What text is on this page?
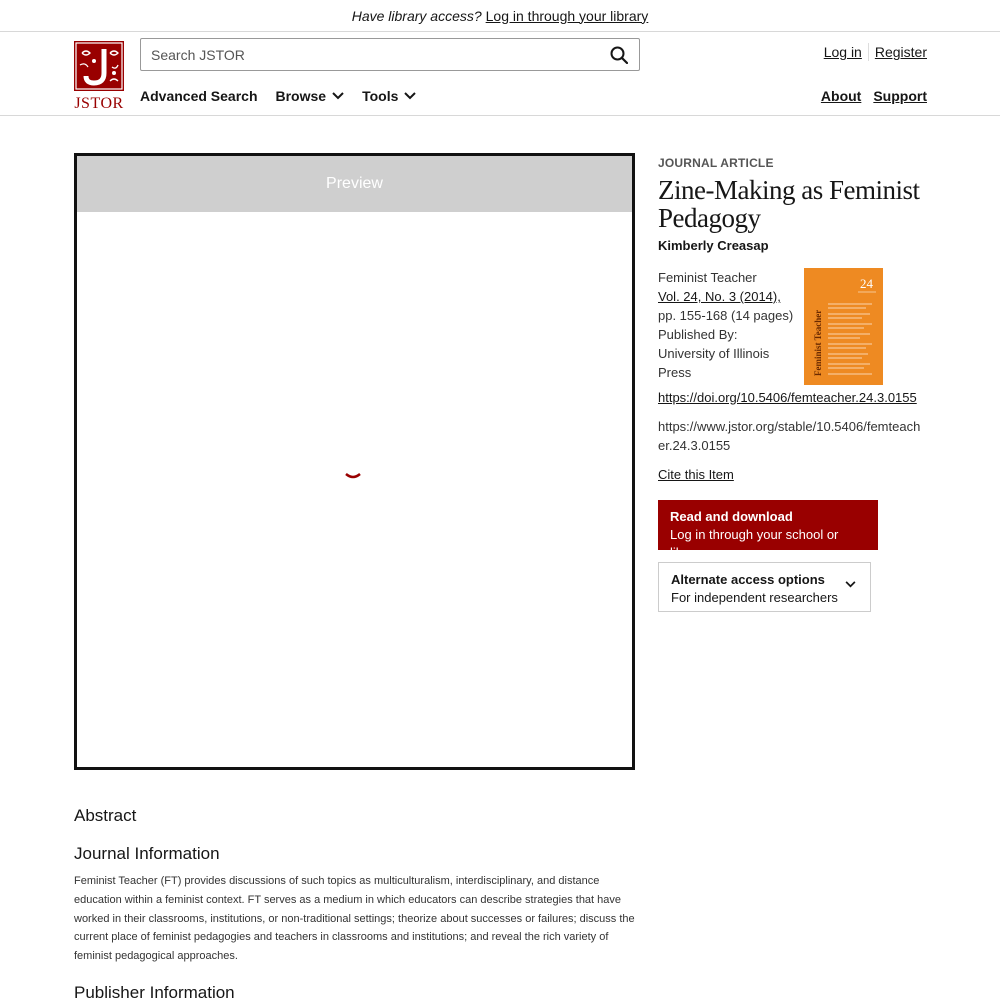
Have library access? Log in through your library
JSTOR
Search JSTOR
Log in Register
Advanced Search Browse	Tools	About Support
Preview
JOURNAL ARTICLE
Zine-Making as Feminist Pedagogy
Kimberly Creasap
Feminist Teacher
Vol. 24, No. 3 (2014),
pp. 155-168 (14 pages)
Published By:
University of Illinois Press
24
Feminist Teacher
https://doi.org/10.5406/femteacher.24.3.0155
https://www.jstor.org/stable/10.5406/femteacher.24.3.0155
Cite this Item
Read and download
Log in through your school or library
Alternate access options
For independent researchers
Abstract
Journal Information
Feminist Teacher (FT) provides discussions of such topics as multiculturalism, interdisciplinary, and distance education within a feminist context. FT serves as a medium in which educators can describe strategies that have worked in their classrooms, institutions, or non-traditional settings; theorize about successes or failures; discuss the current place of feminist pedagogies and teachers in classrooms and institutions; and reveal the rich variety of feminist pedagogical approaches.
Publisher Information
